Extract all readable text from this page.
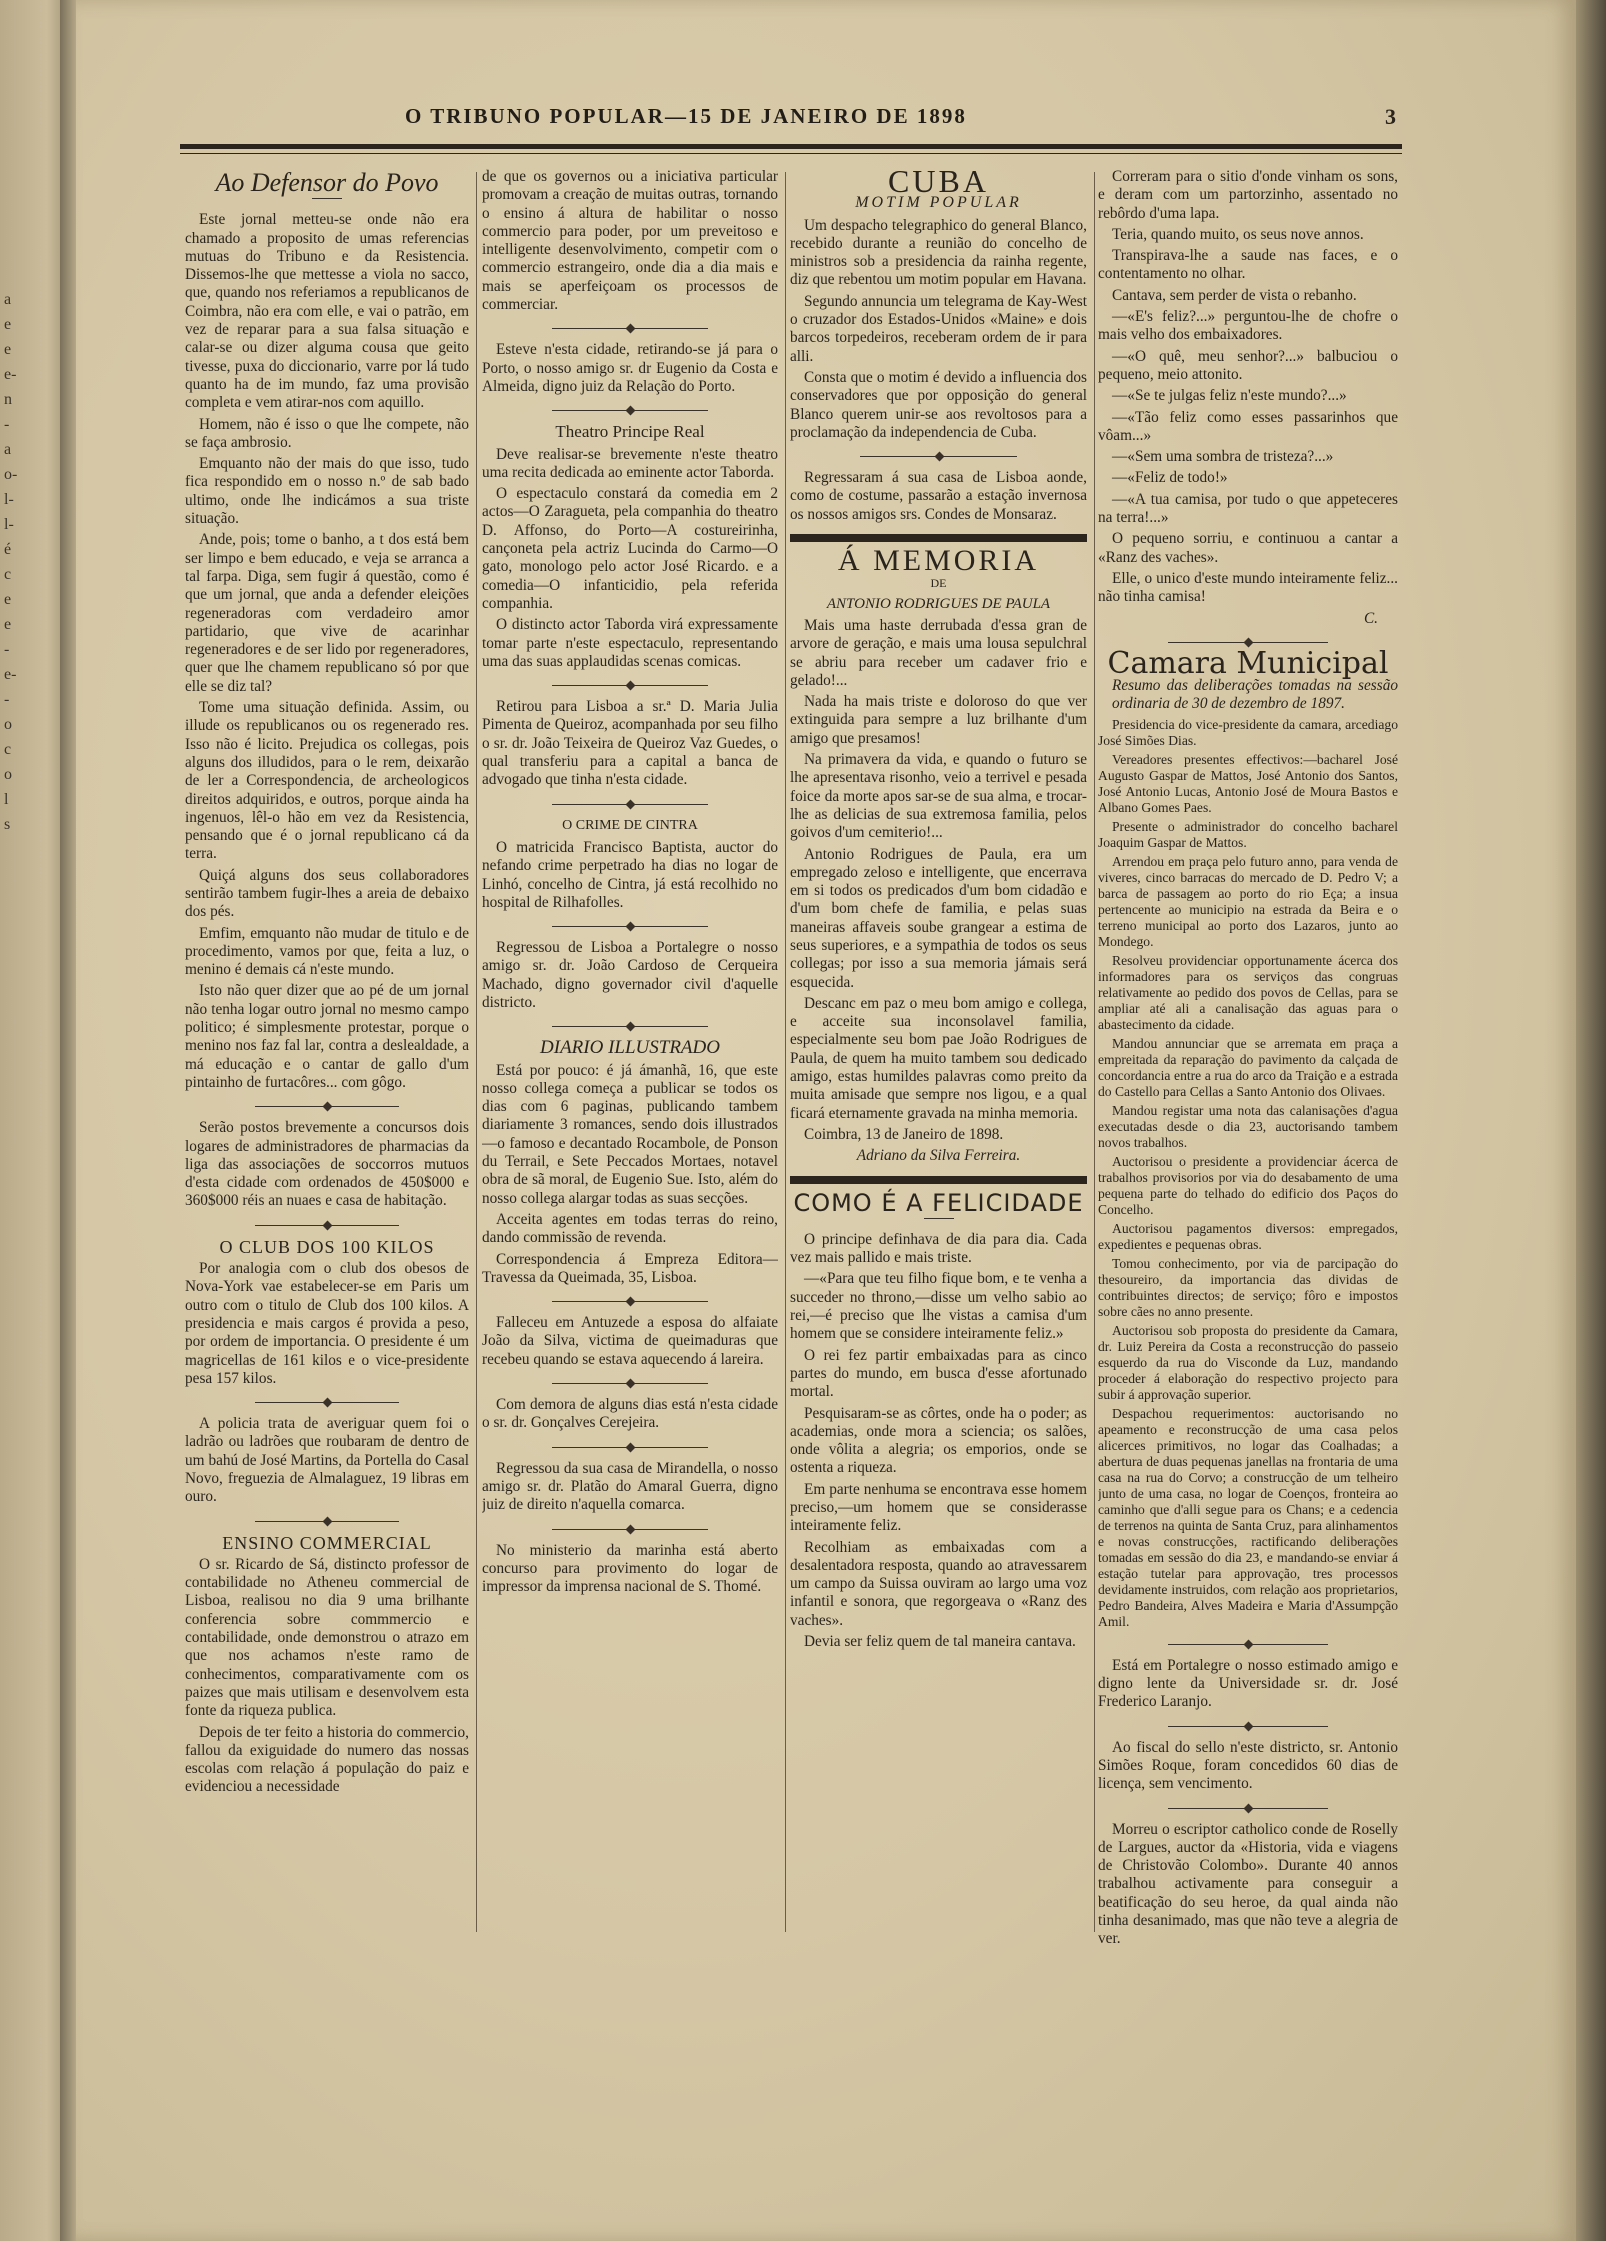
a
e
e
e-
n
-
a
o-
l-
l-
é
c
e
e
-
e-
-
o
c
o
l
s
O TRIBUNO POPULAR—15 DE JANEIRO DE 1898	3
Ao Defensor do Povo

Este jornal metteu-se onde não era chamado a proposito de umas referencias mutuas do Tribuno e da Resistencia. Dissemos-lhe que mettesse a viola no sacco, que, quando nos referiamos a republicanos de Coimbra, não era com elle, e vai o patrão, em vez de reparar para a sua falsa situação e calar-se ou dizer alguma cousa que geito tivesse, puxa do diccionario, varre por lá tudo quanto ha de im mundo, faz uma provisão completa e vem atirar-nos com aquillo.

Homem, não é isso o que lhe compete, não se faça ambrosio.

Emquanto não der mais do que isso, tudo fica respondido em o nosso n.º de sab bado ultimo, onde lhe indicámos a sua triste situação.

Ande, pois; tome o banho, a t dos está bem ser limpo e bem educado, e veja se arranca a tal farpa. Diga, sem fugir á questão, como é que um jornal, que anda a defender eleições regeneradoras com verdadeiro amor partidario, que vive de acarinhar regeneradores e de ser lido por regeneradores, quer que lhe chamem republicano só por que elle se diz tal?

Tome uma situação definida. Assim, ou illude os republicanos ou os regenerado res. Isso não é licito. Prejudica os collegas, pois alguns dos illudidos, para o le rem, deixarão de ler a Correspondencia, de archeologicos direitos adquiridos, e outros, porque ainda ha ingenuos, lêl-o hão em vez da Resistencia, pensando que é o jornal republicano cá da terra.

Quiçá alguns dos seus collaboradores sentirão tambem fugir-lhes a areia de debaixo dos pés.

Emfim, emquanto não mudar de titulo e de procedimento, vamos por que, feita a luz, o menino é demais cá n'este mundo.

Isto não quer dizer que ao pé de um jornal não tenha logar outro jornal no mesmo campo politico; é simplesmente protestar, porque o menino nos faz fal lar, contra a deslealdade, a má educação e o cantar de gallo d'um pintainho de furtacôres... com gôgo.

Serão postos brevemente a concursos dois logares de administradores de pharmacias da liga das associações de soccorros mutuos d'esta cidade com ordenados de 450$000 e 360$000 réis an nuaes e casa de habitação.

O CLUB DOS 100 KILOS

Por analogia com o club dos obesos de Nova-York vae estabelecer-se em Paris um outro com o titulo de Club dos 100 kilos. A presidencia e mais cargos é provida a peso, por ordem de importancia. O presidente é um magricellas de 161 kilos e o vice-presidente pesa 157 kilos.

A policia trata de averiguar quem foi o ladrão ou ladrões que roubaram de dentro de um bahú de José Martins, da Portella do Casal Novo, freguezia de Almalaguez, 19 libras em ouro.

ENSINO COMMERCIAL

O sr. Ricardo de Sá, distincto professor de contabilidade no Atheneu commercial de Lisboa, realisou no dia 9 uma brilhante conferencia sobre commmercio e contabilidade, onde demonstrou o atrazo em que nos achamos n'este ramo de conhecimentos, comparativamente com os paizes que mais utilisam e desenvolvem esta fonte da riqueza publica.

Depois de ter feito a historia do commercio, fallou da exiguidade do numero das nossas escolas com relação á população do paiz e evidenciou a necessidade

de que os governos ou a iniciativa particular promovam a creação de muitas outras, tornando o ensino á altura de habilitar o nosso commercio para poder, por um preveitoso e intelligente desenvolvimento, competir com o commercio estrangeiro, onde dia a dia mais e mais se aperfeiçoam os processos de commerciar.

Esteve n'esta cidade, retirando-se já para o Porto, o nosso amigo sr. dr Eugenio da Costa e Almeida, digno juiz da Relação do Porto.

Theatro Principe Real

Deve realisar-se brevemente n'este theatro uma recita dedicada ao eminente actor Taborda.

O espectaculo constará da comedia em 2 actos—O Zaragueta, pela companhia do theatro D. Affonso, do Porto—A costureirinha, cançoneta pela actriz Lucinda do Carmo—O gato, monologo pelo actor José Ricardo. e a comedia—O infanticidio, pela referida companhia.

O distincto actor Taborda virá expressamente tomar parte n'este espectaculo, representando uma das suas applaudidas scenas comicas.

Retirou para Lisboa a sr.ª D. Maria Julia Pimenta de Queiroz, acompanhada por seu filho o sr. dr. João Teixeira de Queiroz Vaz Guedes, o qual transferiu para a capital a banca de advogado que tinha n'esta cidade.

O CRIME DE CINTRA

O matricida Francisco Baptista, auctor do nefando crime perpetrado ha dias no logar de Linhó, concelho de Cintra, já está recolhido no hospital de Rilhafolles.

Regressou de Lisboa a Portalegre o nosso amigo sr. dr. João Cardoso de Cerqueira Machado, digno governador civil d'aquelle districto.

DIARIO ILLUSTRADO

Está por pouco: é já ámanhã, 16, que este nosso collega começa a publicar se todos os dias com 6 paginas, publicando tambem diariamente 3 romances, sendo dois illustrados—o famoso e decantado Rocambole, de Ponson du Terrail, e Sete Peccados Mortaes, notavel obra de sã moral, de Eugenio Sue. Isto, além do nosso collega alargar todas as suas secções.

Acceita agentes em todas terras do reino, dando commissão de revenda.

Correspondencia á Empreza Editora—Travessa da Queimada, 35, Lisboa.

Falleceu em Antuzede a esposa do alfaiate João da Silva, victima de queimaduras que recebeu quando se estava aquecendo á lareira.

Com demora de alguns dias está n'esta cidade o sr. dr. Gonçalves Cerejeira.

Regressou da sua casa de Mirandella, o nosso amigo sr. dr. Platão do Amaral Guerra, digno juiz de direito n'aquella comarca.

No ministerio da marinha está aberto concurso para provimento do logar de impressor da imprensa nacional de S. Thomé.

CUBA
MOTIM POPULAR

Um despacho telegraphico do general Blanco, recebido durante a reunião do concelho de ministros sob a presidencia da rainha regente, diz que rebentou um motim popular em Havana.

Segundo annuncia um telegrama de Kay-West o cruzador dos Estados-Unidos «Maine» e dois barcos torpedeiros, receberam ordem de ir para alli.

Consta que o motim é devido a influencia dos conservadores que por opposição do general Blanco querem unir-se aos revoltosos para a proclamação da independencia de Cuba.

Regressaram á sua casa de Lisboa aonde, como de costume, passarão a estação invernosa os nossos amigos srs. Condes de Monsaraz.

Á MEMORIA
DE
ANTONIO RODRIGUES DE PAULA

Mais uma haste derrubada d'essa gran de arvore de geração, e mais uma lousa sepulchral se abriu para receber um cadaver frio e gelado!...

Nada ha mais triste e doloroso do que ver extinguida para sempre a luz brilhante d'um amigo que presamos!

Na primavera da vida, e quando o futuro se lhe apresentava risonho, veio a terrivel e pesada foice da morte apos sar-se de sua alma, e trocar-lhe as delicias de sua extremosa familia, pelos goivos d'um cemiterio!...

Antonio Rodrigues de Paula, era um empregado zeloso e intelligente, que encerrava em si todos os predicados d'um bom cidadão e d'um bom chefe de familia, e pelas suas maneiras affaveis soube grangear a estima de seus superiores, e a sympathia de todos os seus collegas; por isso a sua memoria jámais será esquecida.

Descanc em paz o meu bom amigo e collega, e acceite sua inconsolavel familia, especialmente seu bom pae João Rodrigues de Paula, de quem ha muito tambem sou dedicado amigo, estas humildes palavras como preito da muita amisade que sempre nos ligou, e a qual ficará eternamente gravada na minha memoria.

Coimbra, 13 de Janeiro de 1898.

Adriano da Silva Ferreira.

COMO É A FELICIDADE

O principe definhava de dia para dia. Cada vez mais pallido e mais triste.

—«Para que teu filho fique bom, e te venha a succeder no throno,—disse um velho sabio ao rei,—é preciso que lhe vistas a camisa d'um homem que se considere inteiramente feliz.»

O rei fez partir embaixadas para as cinco partes do mundo, em busca d'esse afortunado mortal.

Pesquisaram-se as côrtes, onde ha o poder; as academias, onde mora a sciencia; os salões, onde vôlita a alegria; os emporios, onde se ostenta a riqueza.

Em parte nenhuma se encontrava esse homem preciso,—um homem que se considerasse inteiramente feliz.

Recolhiam as embaixadas com a desalentadora resposta, quando ao atravessarem um campo da Suissa ouviram ao largo uma voz infantil e sonora, que regorgeava o «Ranz des vaches».

Devia ser feliz quem de tal maneira cantava.

Correram para o sitio d'onde vinham os sons, e deram com um partorzinho, assentado no rebôrdo d'uma lapa.

Teria, quando muito, os seus nove annos.

Transpirava-lhe a saude nas faces, e o contentamento no olhar.

Cantava, sem perder de vista o rebanho.

—«E's feliz?...» perguntou-lhe de chofre o mais velho dos embaixadores.

—«O quê, meu senhor?...» balbuciou o pequeno, meio attonito.

—«Se te julgas feliz n'este mundo?...»

—«Tão feliz como esses passarinhos que vôam...»

—«Sem uma sombra de tristeza?...»

—«Feliz de todo!»

—«A tua camisa, por tudo o que appeteceres na terra!...»

O pequeno sorriu, e continuou a cantar a «Ranz des vaches».

Elle, o unico d'este mundo inteiramente feliz... não tinha camisa!

C.

Camara Municipal

Resumo das deliberações tomadas na sessão ordinaria de 30 de dezembro de 1897.

Presidencia do vice-presidente da camara, arcediago José Simões Dias.

Vereadores presentes effectivos:—bacharel José Augusto Gaspar de Mattos, José Antonio dos Santos, José Antonio Lucas, Antonio José de Moura Bastos e Albano Gomes Paes.

Presente o administrador do concelho bacharel Joaquim Gaspar de Mattos.

Arrendou em praça pelo futuro anno, para venda de viveres, cinco barracas do mercado de D. Pedro V; a barca de passagem ao porto do rio Eça; a insua pertencente ao municipio na estrada da Beira e o terreno municipal ao porto dos Lazaros, junto ao Mondego.

Resolveu providenciar opportunamente ácerca dos informadores para os serviços das congruas relativamente ao pedido dos povos de Cellas, para se ampliar até ali a canalisação das aguas para o abastecimento da cidade.

Mandou annunciar que se arremata em praça a empreitada da reparação do pavimento da calçada de concordancia entre a rua do arco da Traição e a estrada do Castello para Cellas a Santo Antonio dos Olivaes.

Mandou registar uma nota das calanisações d'agua executadas desde o dia 23, auctorisando tambem novos trabalhos.

Auctorisou o presidente a providenciar ácerca de trabalhos provisorios por via do desabamento de uma pequena parte do telhado do edificio dos Paços do Concelho.

Auctorisou pagamentos diversos: empregados, expedientes e pequenas obras.

Tomou conhecimento, por via de parcipação do thesoureiro, da importancia das dividas de contribuintes directos; de serviço; fôro e impostos sobre cães no anno presente.

Auctorisou sob proposta do presidente da Camara, dr. Luiz Pereira da Costa a reconstrucção do passeio esquerdo da rua do Visconde da Luz, mandando proceder á elaboração do respectivo projecto para subir á approvação superior.

Despachou requerimentos: auctorisando no apeamento e reconstrucção de uma casa pelos alicerces primitivos, no logar das Coalhadas; a abertura de duas pequenas janellas na frontaria de uma casa na rua do Corvo; a construcção de um telheiro junto de uma casa, no logar de Coenços, fronteira ao caminho que d'alli segue para os Chans; e a cedencia de terrenos na quinta de Santa Cruz, para alinhamentos e novas construcções, ractificando deliberações tomadas em sessão do dia 23, e mandando-se enviar á estação tutelar para approvação, tres processos devidamente instruidos, com relação aos proprietarios, Pedro Bandeira, Alves Madeira e Maria d'Assumpção Amil.

Está em Portalegre o nosso estimado amigo e digno lente da Universidade sr. dr. José Frederico Laranjo.

Ao fiscal do sello n'este districto, sr. Antonio Simões Roque, foram concedidos 60 dias de licença, sem vencimento.

Morreu o escriptor catholico conde de Roselly de Largues, auctor da «Historia, vida e viagens de Christovão Colombo». Durante 40 annos trabalhou activamente para conseguir a beatificação do seu heroe, da qual ainda não tinha desanimado, mas que não teve a alegria de ver.
